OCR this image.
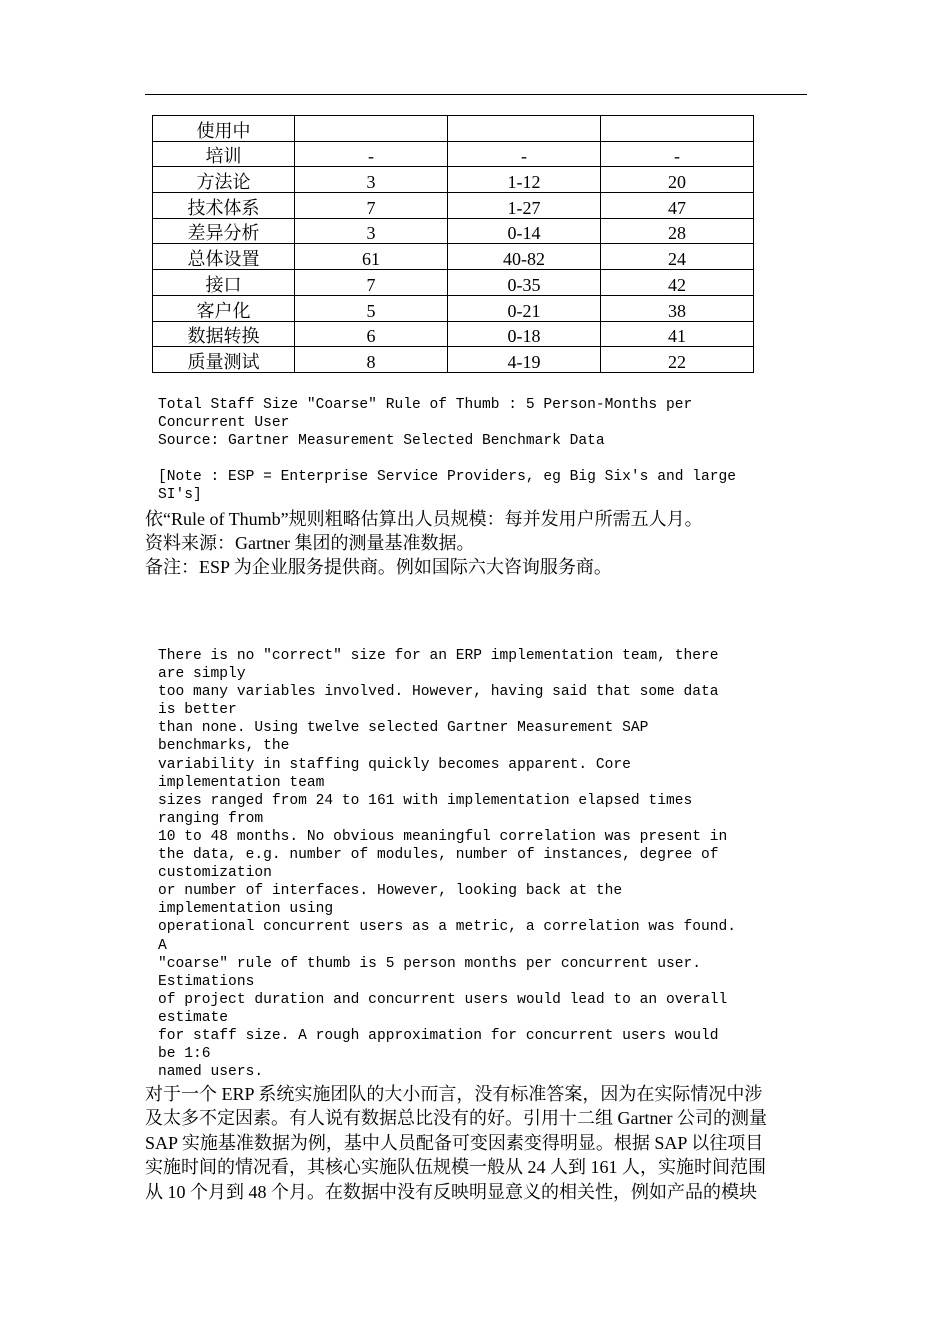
使用中			
培训	-	-	-
方法论	3	1-12	20
技术体系	7	1-27	47
差异分析	3	0-14	28
总体设置	61	40-82	24
接口	7	0-35	42
客户化	5	0-21	38
数据转换	6	0-18	41
质量测试	8	4-19	22
Total Staff Size "Coarse" Rule of Thumb : 5 Person-Months per
Concurrent User
Source: Gartner Measurement Selected Benchmark Data
[Note : ESP = Enterprise Service Providers, eg Big Six's and large
SI's]

依“Rule of Thumb”规则粗略估算出人员规模：每并发用户所需五人月。

资料来源：Gartner 集团的测量基准数据。

备注：ESP 为企业服务提供商。例如国际六大咨询服务商。

There is no "correct" size for an ERP implementation team, there
are simply
too many variables involved. However, having said that some data
is better
than none. Using twelve selected Gartner Measurement SAP
benchmarks, the
variability in staffing quickly becomes apparent. Core
implementation team
sizes ranged from 24 to 161 with implementation elapsed times
ranging from
10 to 48 months. No obvious meaningful correlation was present in
the data, e.g. number of modules, number of instances, degree of
customization
or number of interfaces. However, looking back at the
implementation using
operational concurrent users as a metric, a correlation was found.
A
"coarse" rule of thumb is 5 person months per concurrent user.
Estimations
of project duration and concurrent users would lead to an overall
estimate
for staff size. A rough approximation for concurrent users would
be 1:6
named users.

对于一个 ERP 系统实施团队的大小而言，没有标准答案，因为在实际情况中涉
及太多不定因素。有人说有数据总比没有的好。引用十二组 Gartner 公司的测量
SAP 实施基准数据为例，基中人员配备可变因素变得明显。根据 SAP 以往项目
实施时间的情况看，其核心实施队伍规模一般从 24 人到 161 人，实施时间范围
从 10 个月到 48 个月。在数据中没有反映明显意义的相关性，例如产品的模块
